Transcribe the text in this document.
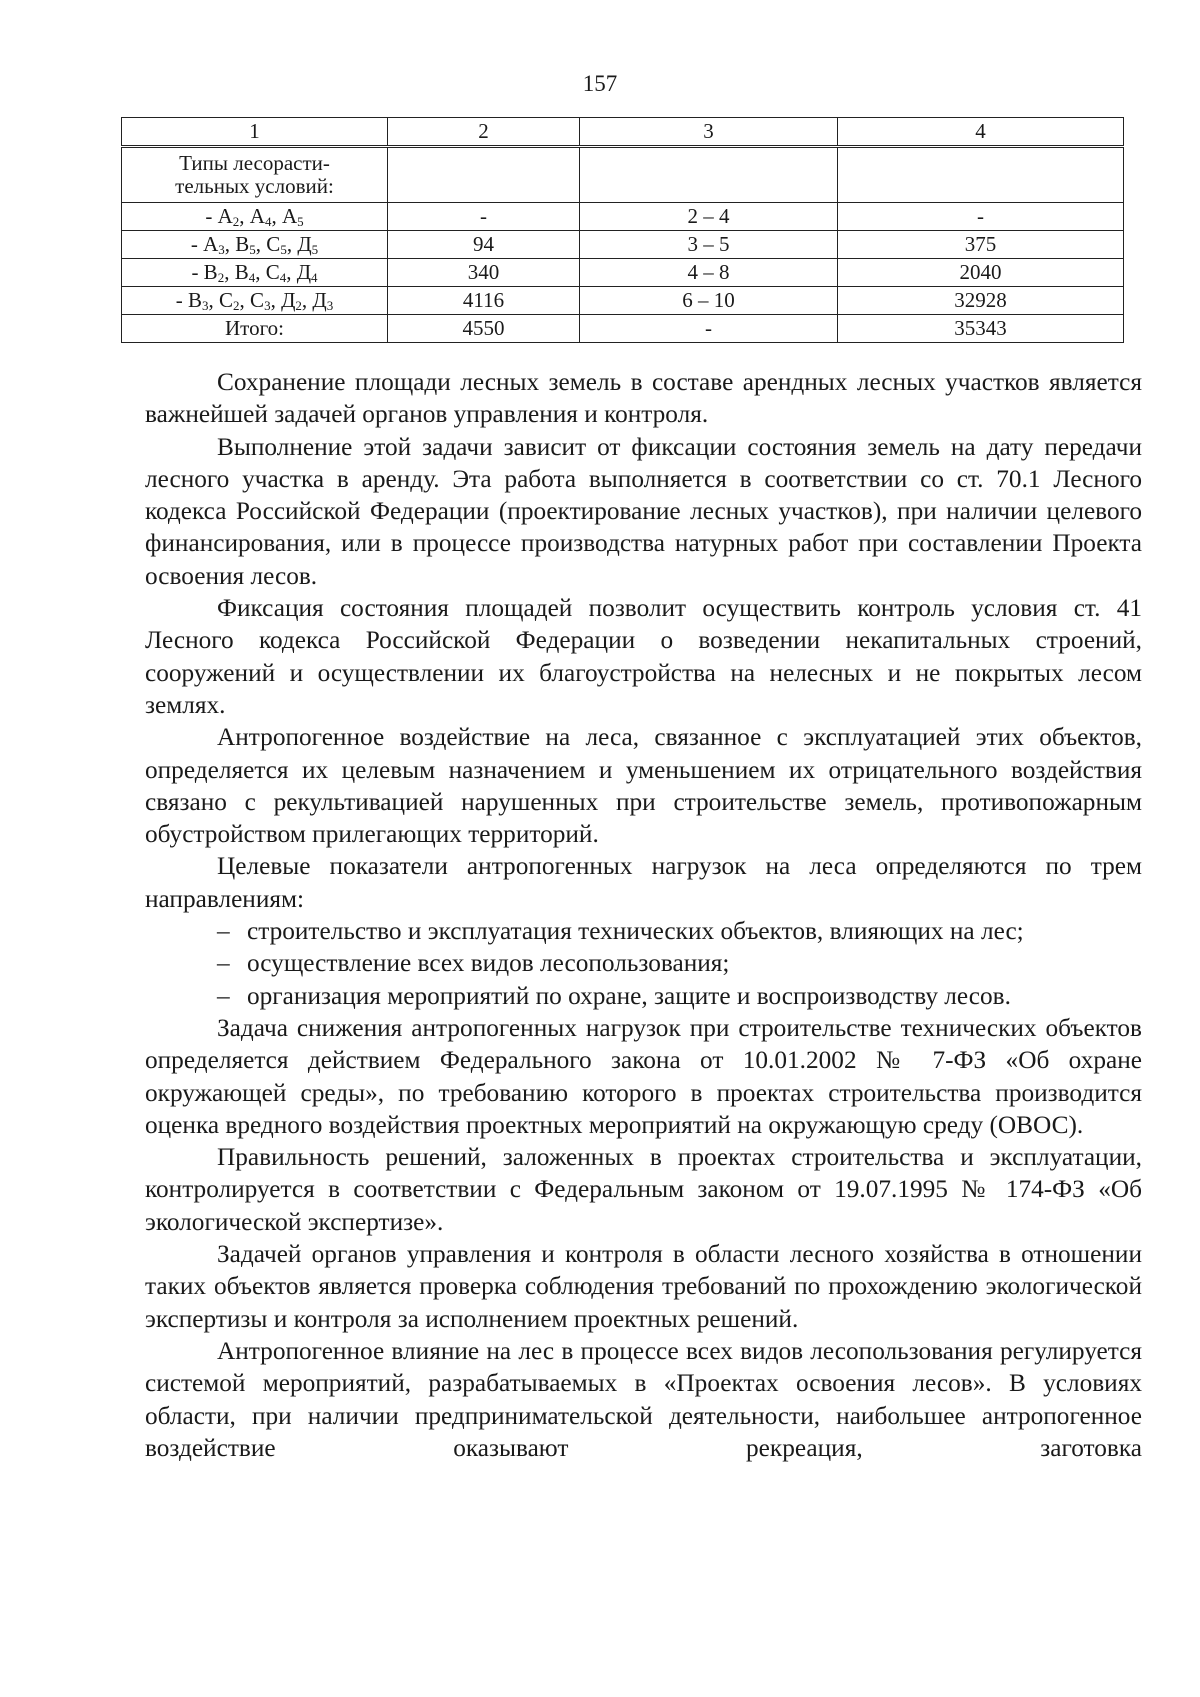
157
1	2	3	4
Типы лесорасти-
тельных условий:			
- $А_2$, $А_4$, $А_5$	-	2 – 4	-
- $А_3$, $В_5$, $С_5$, $Д_5$	94	3 – 5	375
- $В_2$, $В_4$, $С_4$, $Д_4$	340	4 – 8	2040
- $В_3$, $С_2$, $С_3$, $Д_2$, $Д_3$	4116	6 – 10	32928
Итого:	4550	-	35343

Сохранение площади лесных земель в составе арендных лесных участков является важнейшей задачей органов управления и контроля.

Выполнение этой задачи зависит от фиксации состояния земель на дату передачи лесного участка в аренду. Эта работа выполняется в соответствии со ст. 70.1 Лесного кодекса Российской Федерации (проектирование лесных участков), при наличии целевого финансирования, или в процессе производства натурных работ при составлении Проекта освоения лесов.

Фиксация состояния площадей позволит осуществить контроль условия ст. 41 Лесного кодекса Российской Федерации о возведении некапитальных строений, сооружений и осуществлении их благоустройства на нелесных и не покрытых лесом землях.

Антропогенное воздействие на леса, связанное с эксплуатацией этих объектов, определяется их целевым назначением и уменьшением их отрицательного воздействия связано с рекультивацией нарушенных при строительстве земель, противопожарным обустройством прилегающих территорий.

Целевые показатели антропогенных нагрузок на леса определяются по трем направлениям:

– строительство и эксплуатация технических объектов, влияющих на лес;

– осуществление всех видов лесопользования;

– организация мероприятий по охране, защите и воспроизводству лесов.

Задача снижения антропогенных нагрузок при строительстве технических объектов определяется действием Федерального закона от 10.01.2002 № 7-ФЗ «Об охране окружающей среды», по требованию которого в проектах строительства производится оценка вредного воздействия проектных мероприятий на окружающую среду (ОВОС).

Правильность решений, заложенных в проектах строительства и эксплуатации, контролируется в соответствии с Федеральным законом от 19.07.1995 № 174-ФЗ «Об экологической экспертизе».

Задачей органов управления и контроля в области лесного хозяйства в отношении таких объектов является проверка соблюдения требований по прохождению экологической экспертизы и контроля за исполнением проектных решений.

Антропогенное влияние на лес в процессе всех видов лесопользования регулируется системой мероприятий, разрабатываемых в «Проектах освоения лесов». В условиях области, при наличии предпринимательской деятельности, наибольшее антропогенное воздействие оказывают рекреация, заготовка
